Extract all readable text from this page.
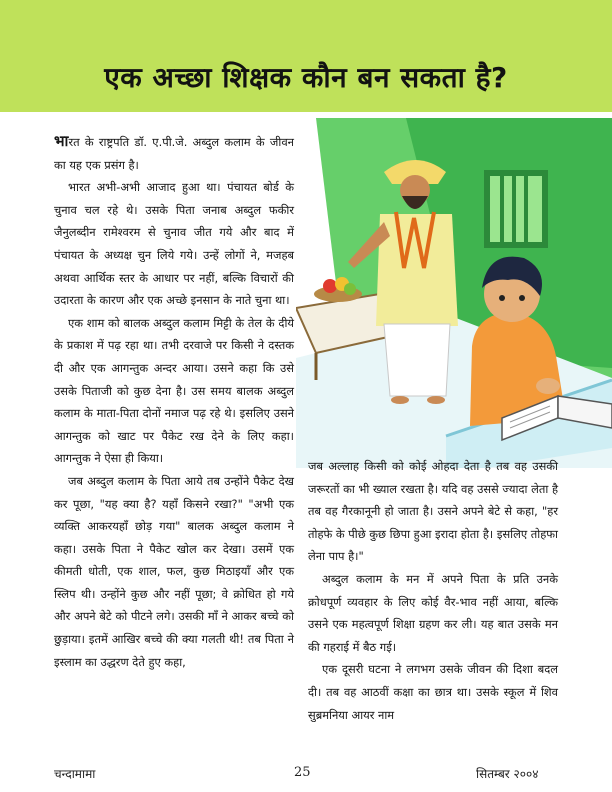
एक अच्छा शिक्षक कौन बन सकता है?

भारत के राष्ट्रपति डॉ. ए.पी.जे. अब्दुल कलाम के जीवन का यह एक प्रसंग है।

भारत अभी-अभी आजाद हुआ था। पंचायत बोर्ड के चुनाव चल रहे थे। उसके पिता जनाब अब्दुल फकीर जैनुलब्दीन रामेश्वरम से चुनाव जीत गये और बाद में पंचायत के अध्यक्ष चुन लिये गये। उन्हें लोगों ने, मजहब अथवा आर्थिक स्तर के आधार पर नहीं, बल्कि विचारों की उदारता के कारण और एक अच्छे इनसान के नाते चुना था।

एक शाम को बालक अब्दुल कलाम मिट्टी के तेल के दीये के प्रकाश में पढ़ रहा था। तभी दरवाजे पर किसी ने दस्तक दी और एक आगन्तुक अन्दर आया। उसने कहा कि उसे उसके पिताजी को कुछ देना है। उस समय बालक अब्दुल कलाम के माता-पिता दोनों नमाज पढ़ रहे थे। इसलिए उसने आगन्तुक को खाट पर पैकेट रख देने के लिए कहा। आगन्तुक ने ऐसा ही किया।

जब अब्दुल कलाम के पिता आये तब उन्होंने पैकेट देख कर पूछा, "यह क्या है? यहाँ किसने रखा?" "अभी एक व्यक्ति आकरयहाँ छोड़ गया" बालक अब्दुल कलाम ने कहा। उसके पिता ने पैकेट खोल कर देखा। उसमें एक कीमती धोती, एक शाल, फल, कुछ मिठाइयाँ और एक स्लिप थी। उन्होंने कुछ और नहीं पूछा; वे क्रोधित हो गये और अपने बेटे को पीटने लगे। उसकी माँ ने आकर बच्चे को छुड़ाया। इतमें आखिर बच्चे की क्या गलती थी! तब पिता ने इस्लाम का उद्धरण देते हुए कहा,

जब अल्लाह किसी को कोई ओहदा देता है तब वह उसकी जरूरतों का भी ख्याल रखता है। यदि वह उससे ज्यादा लेता है तब वह गैरकानूनी हो जाता है। उसने अपने बेटे से कहा, "हर तोहफे के पीछे कुछ छिपा हुआ इरादा होता है। इसलिए तोहफा लेना पाप है।"

अब्दुल कलाम के मन में अपने पिता के प्रति उनके क्रोधपूर्ण व्यवहार के लिए कोई वैर-भाव नहीं आया, बल्कि उसने एक महत्वपूर्ण शिक्षा ग्रहण कर ली। यह बात उसके मन की गहराई में बैठ गई।

एक दूसरी घटना ने लगभग उसके जीवन की दिशा बदल दी। तब वह आठवीं कक्षा का छात्र था। उसके स्कूल में शिव सुब्रमनिया आयर नाम

चन्दामामा	25	सितम्बर २००४
